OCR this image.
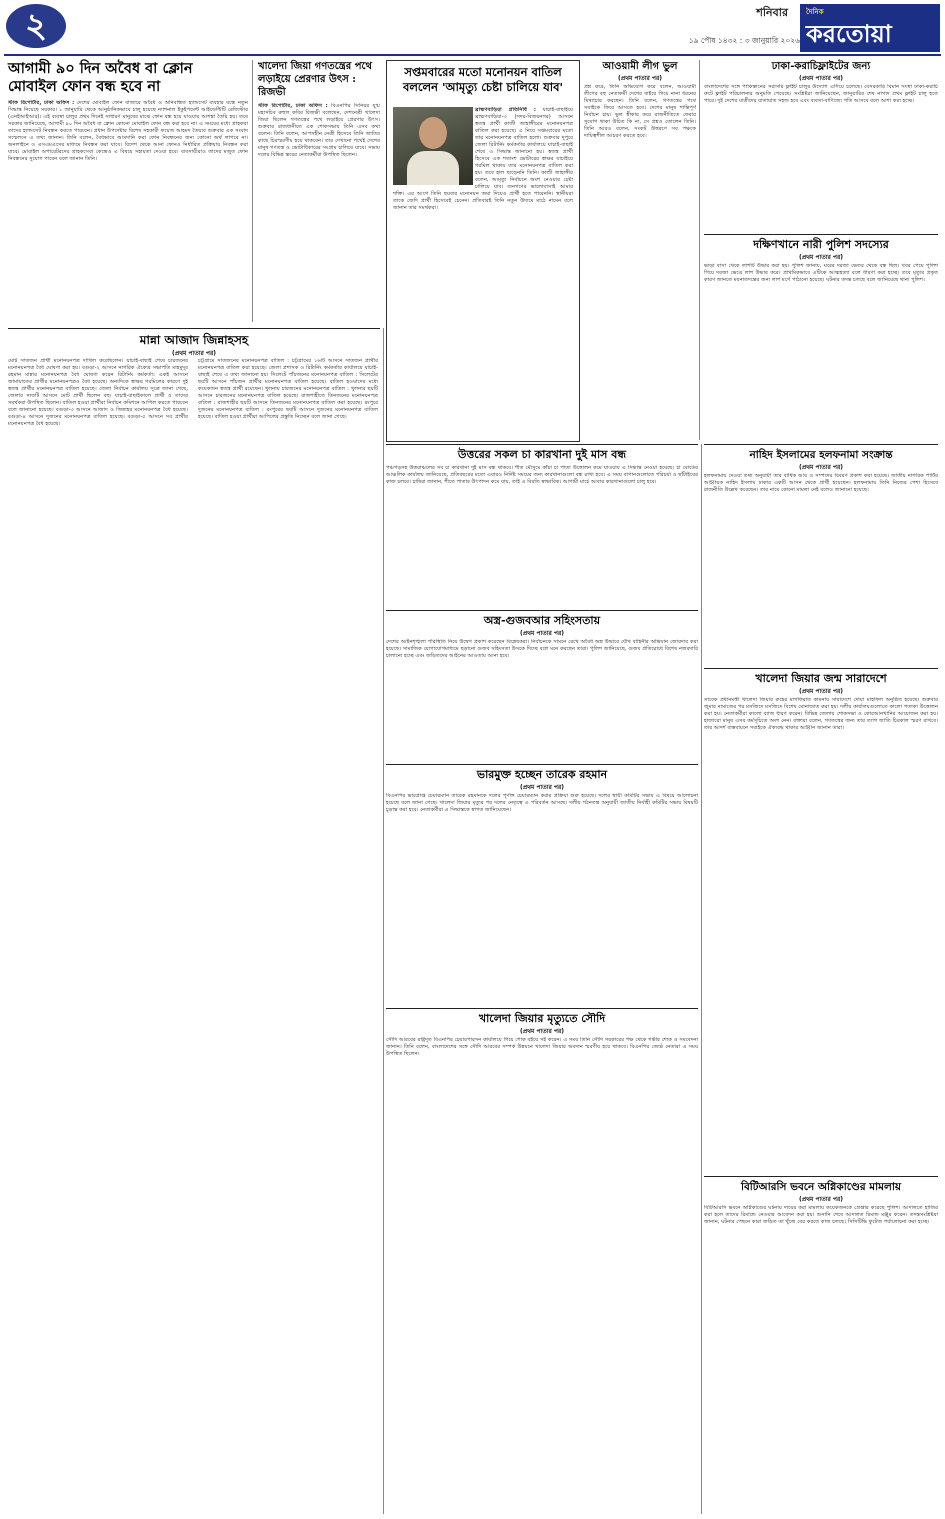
২	শনিবার
১৯ পৌষ ১৪৩২ : ৩ জানুয়ারি ২০২৬
দৈনিক
করতোয়া
আগামী ৯০ দিন অবৈধ বা ক্লোন
মোবাইল ফোন বন্ধ হবে না
স্টাফ রিপোর্টার, ঢাকা অফিস : দেশের মোবাইল ফোন বাজারে অবৈধ ও অনিবন্ধিত হ্যান্ডসেট ব্যবহার বন্ধে নতুন সিদ্ধান্ত নিয়েছে সরকার। ১ জানুয়ারি থেকে আনুষ্ঠানিকভাবে চালু হয়েছে ন্যাশনাল ইকুইপমেন্ট আইডেন্টিটি রেজিস্টার (এনইআইআর)। এই ব্যবস্থা চালুর প্রথম দিনেই সাধারণ মানুষের মাঝে ফোন বন্ধ হয়ে যাওয়ার আশঙ্কা তৈরি হয়। তবে সরকার জানিয়েছে, আগামী ৯০ দিন অবৈধ বা ক্লোন কোনো মোবাইল ফোন বন্ধ করা হবে না। এ সময়ের মধ্যে গ্রাহকরা তাদের হ্যান্ডসেট নিবন্ধন করতে পারবেন। প্রধান উপদেষ্টার বিশেষ সহকারী ফয়েজ আহমদ তৈয়্যব শুক্রবার এক সংবাদ সম্মেলনে এ তথ্য জানান। তিনি বলেন, বৈধভাবে আমদানি করা ফোন নিবন্ধনের জন্য কোনো অর্থ লাগবে না। অনলাইনে ও এসএমএসের মাধ্যমে নিবন্ধন করা যাবে। বিদেশ থেকে আনা ফোনও নির্ধারিত প্রক্রিয়ায় নিবন্ধন করা যাবে। মোবাইল অপারেটরদের গ্রাহকসেবা কেন্দ্রেও এ বিষয়ে সহায়তা দেওয়া হবে। ব্যবসায়ীরাও তাদের মজুত ফোন নিবন্ধনের সুযোগ পাবেন বলে জানান তিনি।
খালেদা জিয়া গণতন্ত্রের পথে লড়াইয়ে প্রেরণার উৎস : রিজভী
স্টাফ রিপোর্টার, ঢাকা অফিস : বিএনপির সিনিয়র যুগ্ম মহাসচিব রুহুল কবির রিজভী বলেছেন, দেশনেত্রী খালেদা জিয়া ছিলেন গণতন্ত্রের পথে লড়াইয়ে প্রেরণার উৎস। শুক্রবার রাজধানীতে এক শোকসভায় তিনি এসব কথা বলেন। তিনি বলেন, আপসহীন নেত্রী হিসেবে তিনি জাতির কাছে চিরস্মরণীয় হয়ে থাকবেন। তার দেখানো পথেই দেশের মানুষ গণতন্ত্র ও ভোটাধিকারের সংগ্রাম চালিয়ে যাবে। সভায় দলের বিভিন্ন স্তরের নেতাকর্মীরা উপস্থিত ছিলেন।
সপ্তমবারের মতো মনোনয়ন বাতিল
বললেন 'আমৃত্যু চেষ্টা চালিয়ে যাব'
ব্রাহ্মণবাড়িয়া প্রতিনিধি : যাচাই-বাছাইয়ে ব্রাহ্মণবাড়িয়া-৩ (সদর-বিজয়নগর) আসনে স্বতন্ত্র প্রার্থী কাজী জাহাঙ্গীরের মনোনয়নপত্র বাতিল করা হয়েছে। এ নিয়ে সপ্তমবারের মতো তার মনোনয়নপত্র বাতিল হলো। শুক্রবার দুপুরে জেলা রিটার্নিং কর্মকর্তার কার্যালয়ে যাচাই-বাছাই শেষে এ সিদ্ধান্ত জানানো হয়। স্বতন্ত্র প্রার্থী হিসেবে এক শতাংশ ভোটারের স্বাক্ষর যাচাইয়ে গরমিল থাকায় তার মনোনয়নপত্র বাতিল করা হয়। তবে হাল ছাড়েননি তিনি। কাজী জাহাঙ্গীর বলেন, আমৃত্যু নির্বাচনে অংশ নেওয়ার চেষ্টা চালিয়ে যাব। জনগণের ভালোবাসাই আমার শক্তি। এর আগে তিনি ছয়বার মনোনয়ন জমা দিয়েও প্রার্থী হতে পারেননি। স্থানীয়রা তাকে জেদি প্রার্থী হিসেবেই চেনেন। প্রতিবারই তিনি নতুন উদ্যমে মাঠে নামেন বলে জানান তার সমর্থকরা।
আওয়ামী লীগ ভুল
(প্রথম পাতার পর)
প্রশ্ন করে, তিনি অভিযোগ করে বলেন, আওয়ামী লীগের বহু নেতাকর্মী দেশের বাইরে গিয়ে নানা ধরনের মিথ্যাচার করছেন। তিনি বলেন, গণতন্ত্রের পথে সবাইকে ফিরে আসতে হবে। দেশের মানুষ শান্তিপূর্ণ নির্বাচন চায়। ভুল স্বীকার করে রাজনীতিতে ফেরার সুযোগ থাকা উচিত কি না, সে প্রশ্নও তোলেন তিনি। তিনি আরও বলেন, সংকট উত্তরণে সব পক্ষকে দায়িত্বশীল আচরণ করতে হবে।
ঢাকা-করাচিফ্লাইটের জন্য
(প্রথম পাতার পর)
বাংলাদেশের সঙ্গে পাকিস্তানের সরাসরি ফ্লাইট চালুর উদ্যোগ এগিয়ে চলেছে। বেসরকারি বিমান সংস্থা ঢাকা-করাচি রুটে ফ্লাইট পরিচালনার অনুমতি পেয়েছে। সংশ্লিষ্টরা জানিয়েছেন, জানুয়ারির শেষ নাগাদ প্রথম ফ্লাইট চালু হতে পারে। দুই দেশের যাত্রীদের যাতায়াত সহজ হবে এবং ব্যবসা-বাণিজ্যে গতি আসবে বলে আশা করা হচ্ছে।
দক্ষিণখানে নারী পুলিশ সদস্যের
(প্রথম পাতার পর)
ভাড়া বাসা থেকে লাশটি উদ্ধার করা হয়। পুলিশ জানায়, ঘরের দরজা ভেতর থেকে বন্ধ ছিল। খবর পেয়ে পুলিশ গিয়ে দরজা ভেঙে লাশ উদ্ধার করে। প্রাথমিকভাবে এটিকে আত্মহত্যা বলে ধারণা করা হচ্ছে। তবে মৃত্যুর প্রকৃত কারণ জানতে ময়নাতদন্তের জন্য লাশ মর্গে পাঠানো হয়েছে। ঘটনার তদন্ত চলছে বলে জানিয়েছে থানা পুলিশ।
মান্না আজাদ জিন্নাহসহ
(প্রথম পাতার পর)
মোট সাতজন প্রার্থী মনোনয়নপত্র দাখিল করেছিলেন। যাচাই-বাছাই শেষে চারজনের মনোনয়নপত্র বৈধ ঘোষণা করা হয়। বগুড়া-২ আসনে নাগরিক ঐক্যের সভাপতি মাহমুদুর রহমান মান্নার মনোনয়নপত্র বৈধ ঘোষণা করেন রিটার্নিং কর্মকর্তা। একই আসনে জামায়াতের প্রার্থীর মনোনয়নপত্রও বৈধ হয়েছে। অন্যদিকে স্বাক্ষর গরমিলের কারণে দুই স্বতন্ত্র প্রার্থীর মনোনয়নপত্র বাতিল হয়েছে। জেলা নির্বাচন কার্যালয় সূত্রে জানা গেছে, জেলার সাতটি আসনে মোট প্রার্থী ছিলেন বহু। যাচাই-বাছাইকালে প্রার্থী ও তাদের সমর্থকরা উপস্থিত ছিলেন। বাতিল হওয়া প্রার্থীরা নির্বাচন কমিশনে আপিল করতে পারবেন বলে জানানো হয়েছে। বগুড়া-৩ আসনে আজাদ ও জিন্নাহর মনোনয়নপত্র বৈধ হয়েছে। বগুড়া-৪ আসনে দুজনের মনোনয়নপত্র বাতিল হয়েছে। বগুড়া-৫ আসনে সব প্রার্থীর মনোনয়নপত্র বৈধ হয়েছে।
চট্টগ্রামে সাতজনের মনোনয়নপত্র বাতিল : চট্টগ্রামের ১৬টি আসনে সাতজন প্রার্থীর মনোনয়নপত্র বাতিল করা হয়েছে। জেলা প্রশাসক ও রিটার্নিং কর্মকর্তার কার্যালয়ে যাচাই-বাছাই শেষে এ তথ্য জানানো হয়। সিলেটে পাঁচজনের মনোনয়নপত্র বাতিল : সিলেটের ছয়টি আসনে পাঁচজন প্রার্থীর মনোনয়নপত্র বাতিল হয়েছে। বাতিল হওয়াদের মধ্যে কয়েকজন স্বতন্ত্র প্রার্থী রয়েছেন। খুলনায় চারজনের মনোনয়নপত্র বাতিল : খুলনার ছয়টি আসনে চারজনের মনোনয়নপত্র বাতিল হয়েছে। রাজশাহীতে তিনজনের মনোনয়নপত্র বাতিল : রাজশাহীর ছয়টি আসনে তিনজনের মনোনয়নপত্র বাতিল করা হয়েছে। রংপুরে দুজনের মনোনয়নপত্র বাতিল : রংপুরের ছয়টি আসনে দুজনের মনোনয়নপত্র বাতিল হয়েছে। বাতিল হওয়া প্রার্থীরা আপিলের প্রস্তুতি নিচ্ছেন বলে জানা গেছে।
উত্তরের সকল চা কারখানা দুই মাস বন্ধ
পঞ্চগড়সহ উত্তরাঞ্চলের সব চা কারখানা দুই মাস বন্ধ থাকবে। শীত মৌসুমে কাঁচা চা পাতা উত্তোলন কমে যাওয়ায় এ সিদ্ধান্ত নেওয়া হয়েছে। চা বোর্ডের আঞ্চলিক কার্যালয় জানিয়েছে, প্রতিবছরের মতো এবারও নির্দিষ্ট সময়ের জন্য কারখানাগুলো বন্ধ রাখা হবে। এ সময় বাগানগুলোতে পরিচর্যা ও ছাঁটাইয়ের কাজ চলবে। চাষিরা জানান, শীতে পাতার উৎপাদন কমে যায়, তাই এ বিরতি স্বাভাবিক। আগামী মার্চে আবার কারখানাগুলো চালু হবে।
অস্ত্র-গুজবআর সহিংসতায়
(প্রথম পাতার পর)
দেশের আইনশৃঙ্খলা পরিস্থিতি নিয়ে উদ্বেগ প্রকাশ করেছেন বিশ্লেষকরা। নির্বাচনকে সামনে রেখে অবৈধ অস্ত্র উদ্ধারে যৌথ বাহিনীর অভিযান জোরদার করা হয়েছে। সামাজিক যোগাযোগমাধ্যমে ছড়ানো গুজব সহিংসতা উসকে দিচ্ছে বলে মনে করছেন তারা। পুলিশ জানিয়েছে, গুজব প্রতিরোধে বিশেষ নজরদারি চালানো হচ্ছে এবং জড়িতদের আইনের আওতায় আনা হবে।
ভারমুক্ত হচ্ছেন তারেক রহমান
(প্রথম পাতার পর)
বিএনপির ভারপ্রাপ্ত চেয়ারম্যান তারেক রহমানকে দলের পূর্ণাঙ্গ চেয়ারম্যান করার প্রক্রিয়া শুরু হয়েছে। দলের স্থায়ী কমিটির সভায় এ বিষয়ে আলোচনা হয়েছে বলে জানা গেছে। খালেদা জিয়ার মৃত্যুর পর দলের নেতৃত্বে এ পরিবর্তন আসছে। দলীয় গঠনতন্ত্র অনুযায়ী জাতীয় নির্বাহী কমিটির সভায় বিষয়টি চূড়ান্ত করা হবে। নেতাকর্মীরা এ সিদ্ধান্তকে স্বাগত জানিয়েছেন।
খালেদা জিয়ার মৃত্যুতে সৌদি
(প্রথম পাতার পর)
সৌদি আরবের রাষ্ট্রদূত বিএনপির চেয়ারপারসন কার্যালয়ে গিয়ে শোক বইয়ে সই করেন। এ সময় তিনি সৌদি সরকারের পক্ষ থেকে গভীর শোক ও সমবেদনা জানান। তিনি বলেন, বাংলাদেশের সঙ্গে সৌদি আরবের সম্পর্ক উন্নয়নে খালেদা জিয়ার অবদান স্মরণীয় হয়ে থাকবে। বিএনপির জ্যেষ্ঠ নেতারা এ সময় উপস্থিত ছিলেন।
নাহিদ ইসলামের হলফনামা সংক্রান্ত
(প্রথম পাতার পর)
হলফনামায় দেওয়া তথ্য অনুযায়ী তার বার্ষিক আয় ও সম্পদের বিবরণ প্রকাশ করা হয়েছে। জাতীয় নাগরিক পার্টির আহ্বায়ক নাহিদ ইসলাম ঢাকার একটি আসন থেকে প্রার্থী হয়েছেন। হলফনামায় তিনি নিজের পেশা হিসেবে রাজনীতি উল্লেখ করেছেন। তার নামে কোনো মামলা নেই বলেও জানানো হয়েছে।
খালেদা জিয়ার জন্ম সারাদেশে
(প্রথম পাতার পর)
সাবেক প্রধানমন্ত্রী খালেদা জিয়ার রুহের মাগফিরাত কামনায় সারাদেশে দোয়া মাহফিল অনুষ্ঠিত হয়েছে। শুক্রবার জুমার নামাজের পর মসজিদে মসজিদে বিশেষ মোনাজাত করা হয়। দলীয় কার্যালয়গুলোতে কালো পতাকা উত্তোলন করা হয়। নেতাকর্মীরা কালো ব্যাজ ধারণ করেন। বিভিন্ন জেলায় শোকসভা ও কোরআনখানির আয়োজন করা হয়। হাজারো মানুষ এসব কর্মসূচিতে অংশ নেন। বক্তারা বলেন, গণতন্ত্রের জন্য তার ত্যাগ জাতি চিরকাল স্মরণ রাখবে। তার আদর্শ বাস্তবায়নে সবাইকে ঐক্যবদ্ধ থাকার আহ্বান জানান তারা।
বিটিআরসি ভবনে অগ্নিকাণ্ডের মামলায়
(প্রথম পাতার পর)
বিটিআরসি ভবনে অগ্নিকাণ্ডের ঘটনায় দায়ের করা মামলায় কয়েকজনকে গ্রেপ্তার করেছে পুলিশ। আদালতে হাজির করা হলে তাদের রিমান্ডে নেওয়ার আবেদন করা হয়। শুনানি শেষে আদালত রিমান্ড মঞ্জুর করেন। তদন্তসংশ্লিষ্টরা জানান, ঘটনার পেছনে কারা জড়িত তা খুঁজে বের করতে কাজ চলছে। সিসিটিভি ফুটেজ পর্যালোচনা করা হচ্ছে।
